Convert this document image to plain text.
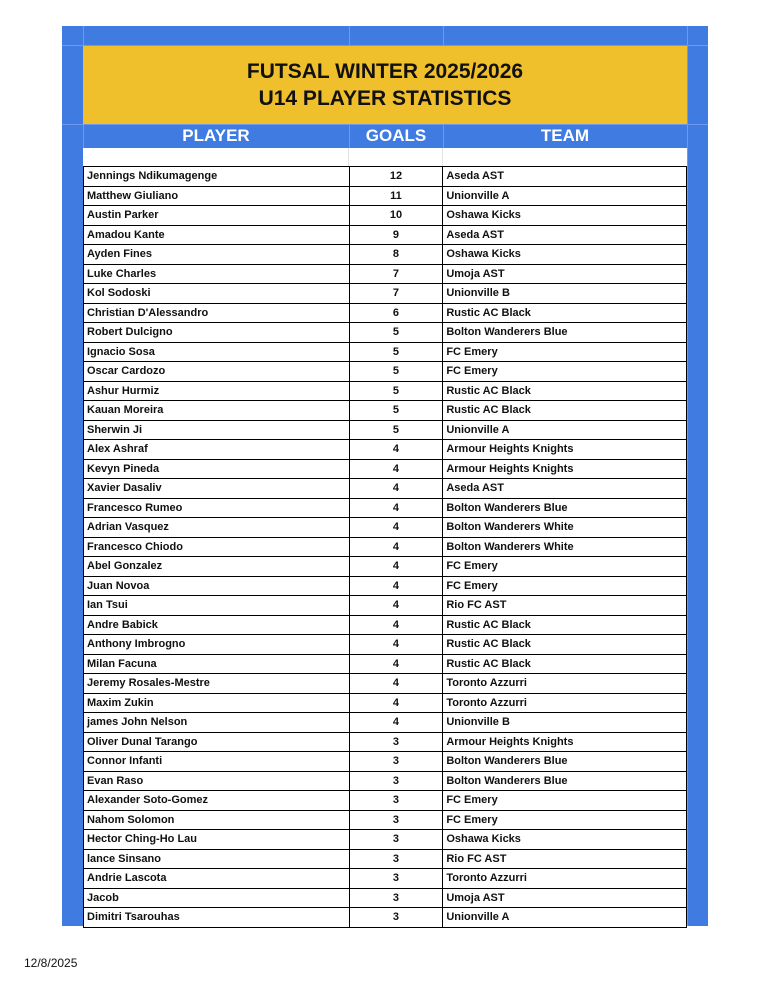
FUTSAL WINTER 2025/2026
U14 PLAYER STATISTICS
PLAYER	GOALS	TEAM
Jennings Ndikumagenge	12	Aseda AST
Matthew Giuliano	11	Unionville A
Austin Parker	10	Oshawa Kicks
Amadou Kante	9	Aseda AST
Ayden Fines	8	Oshawa Kicks
Luke Charles	7	Umoja AST
Kol Sodoski	7	Unionville B
Christian D'Alessandro	6	Rustic AC Black
Robert Dulcigno	5	Bolton Wanderers Blue
Ignacio Sosa	5	FC Emery
Oscar Cardozo	5	FC Emery
Ashur Hurmiz	5	Rustic AC Black
Kauan Moreira	5	Rustic AC Black
Sherwin Ji	5	Unionville A
Alex Ashraf	4	Armour Heights Knights
Kevyn Pineda	4	Armour Heights Knights
Xavier Dasaliv	4	Aseda AST
Francesco Rumeo	4	Bolton Wanderers Blue
Adrian Vasquez	4	Bolton Wanderers White
Francesco Chiodo	4	Bolton Wanderers White
Abel Gonzalez	4	FC Emery
Juan Novoa	4	FC Emery
Ian Tsui	4	Rio FC AST
Andre Babick	4	Rustic AC Black
Anthony Imbrogno	4	Rustic AC Black
Milan Facuna	4	Rustic AC Black
Jeremy Rosales-Mestre	4	Toronto Azzurri
Maxim Zukin	4	Toronto Azzurri
james John Nelson	4	Unionville B
Oliver Dunal Tarango	3	Armour Heights Knights
Connor Infanti	3	Bolton Wanderers Blue
Evan Raso	3	Bolton Wanderers Blue
Alexander Soto-Gomez	3	FC Emery
Nahom Solomon	3	FC Emery
Hector Ching-Ho Lau	3	Oshawa Kicks
lance Sinsano	3	Rio FC AST
Andrie Lascota	3	Toronto Azzurri
Jacob	3	Umoja AST
Dimitri Tsarouhas	3	Unionville A
12/8/2025
